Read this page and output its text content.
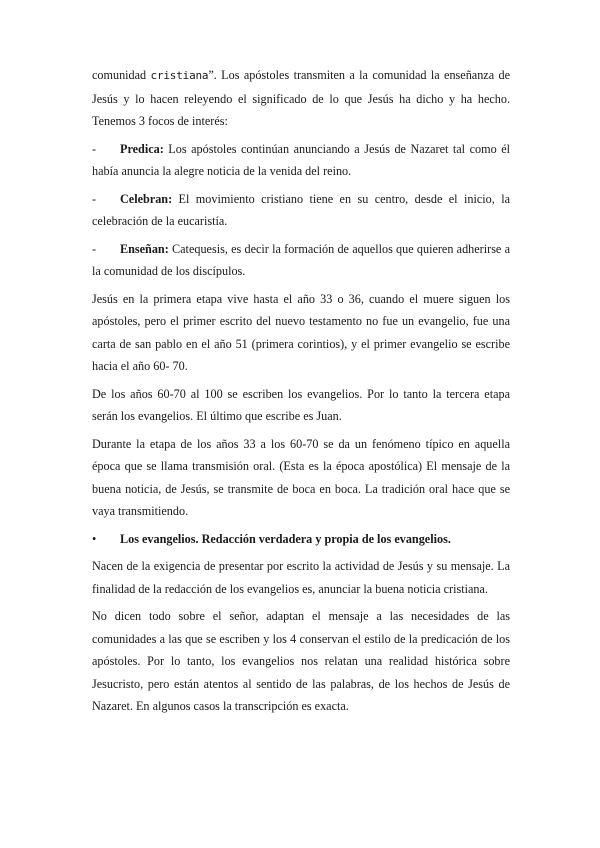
comunidad cristiana”. Los apóstoles transmiten a la comunidad la enseñanza de Jesús y lo hacen releyendo el significado de lo que Jesús ha dicho y ha hecho. Tenemos 3 focos de interés:

- Predica: Los apóstoles continúan anunciando a Jesús de Nazaret tal como él había anuncia la alegre noticia de la venida del reino.

- Celebran: El movimiento cristiano tiene en su centro, desde el inicio, la celebración de la eucaristía.

- Enseñan: Catequesis, es decir la formación de aquellos que quieren adherirse a la comunidad de los discípulos.

Jesús en la primera etapa vive hasta el año 33 o 36, cuando el muere siguen los apóstoles, pero el primer escrito del nuevo testamento no fue un evangelio, fue una carta de san pablo en el año 51 (primera corintios), y el primer evangelio se escribe hacia el año 60- 70.

De los años 60-70 al 100 se escriben los evangelios. Por lo tanto la tercera etapa serán los evangelios. El último que escribe es Juan.

Durante la etapa de los años 33 a los 60-70 se da un fenómeno típico en aquella época que se llama transmisión oral. (Esta es la época apostólica) El mensaje de la buena noticia, de Jesús, se transmite de boca en boca. La tradición oral hace que se vaya transmitiendo.

• Los evangelios. Redacción verdadera y propia de los evangelios.

Nacen de la exigencia de presentar por escrito la actividad de Jesús y su mensaje. La finalidad de la redacción de los evangelios es, anunciar la buena noticia cristiana.

No dicen todo sobre el señor, adaptan el mensaje a las necesidades de las comunidades a las que se escriben y los 4 conservan el estilo de la predicación de los apóstoles. Por lo tanto, los evangelios nos relatan una realidad histórica sobre Jesucristo, pero están atentos al sentido de las palabras, de los hechos de Jesús de Nazaret. En algunos casos la transcripción es exacta.
